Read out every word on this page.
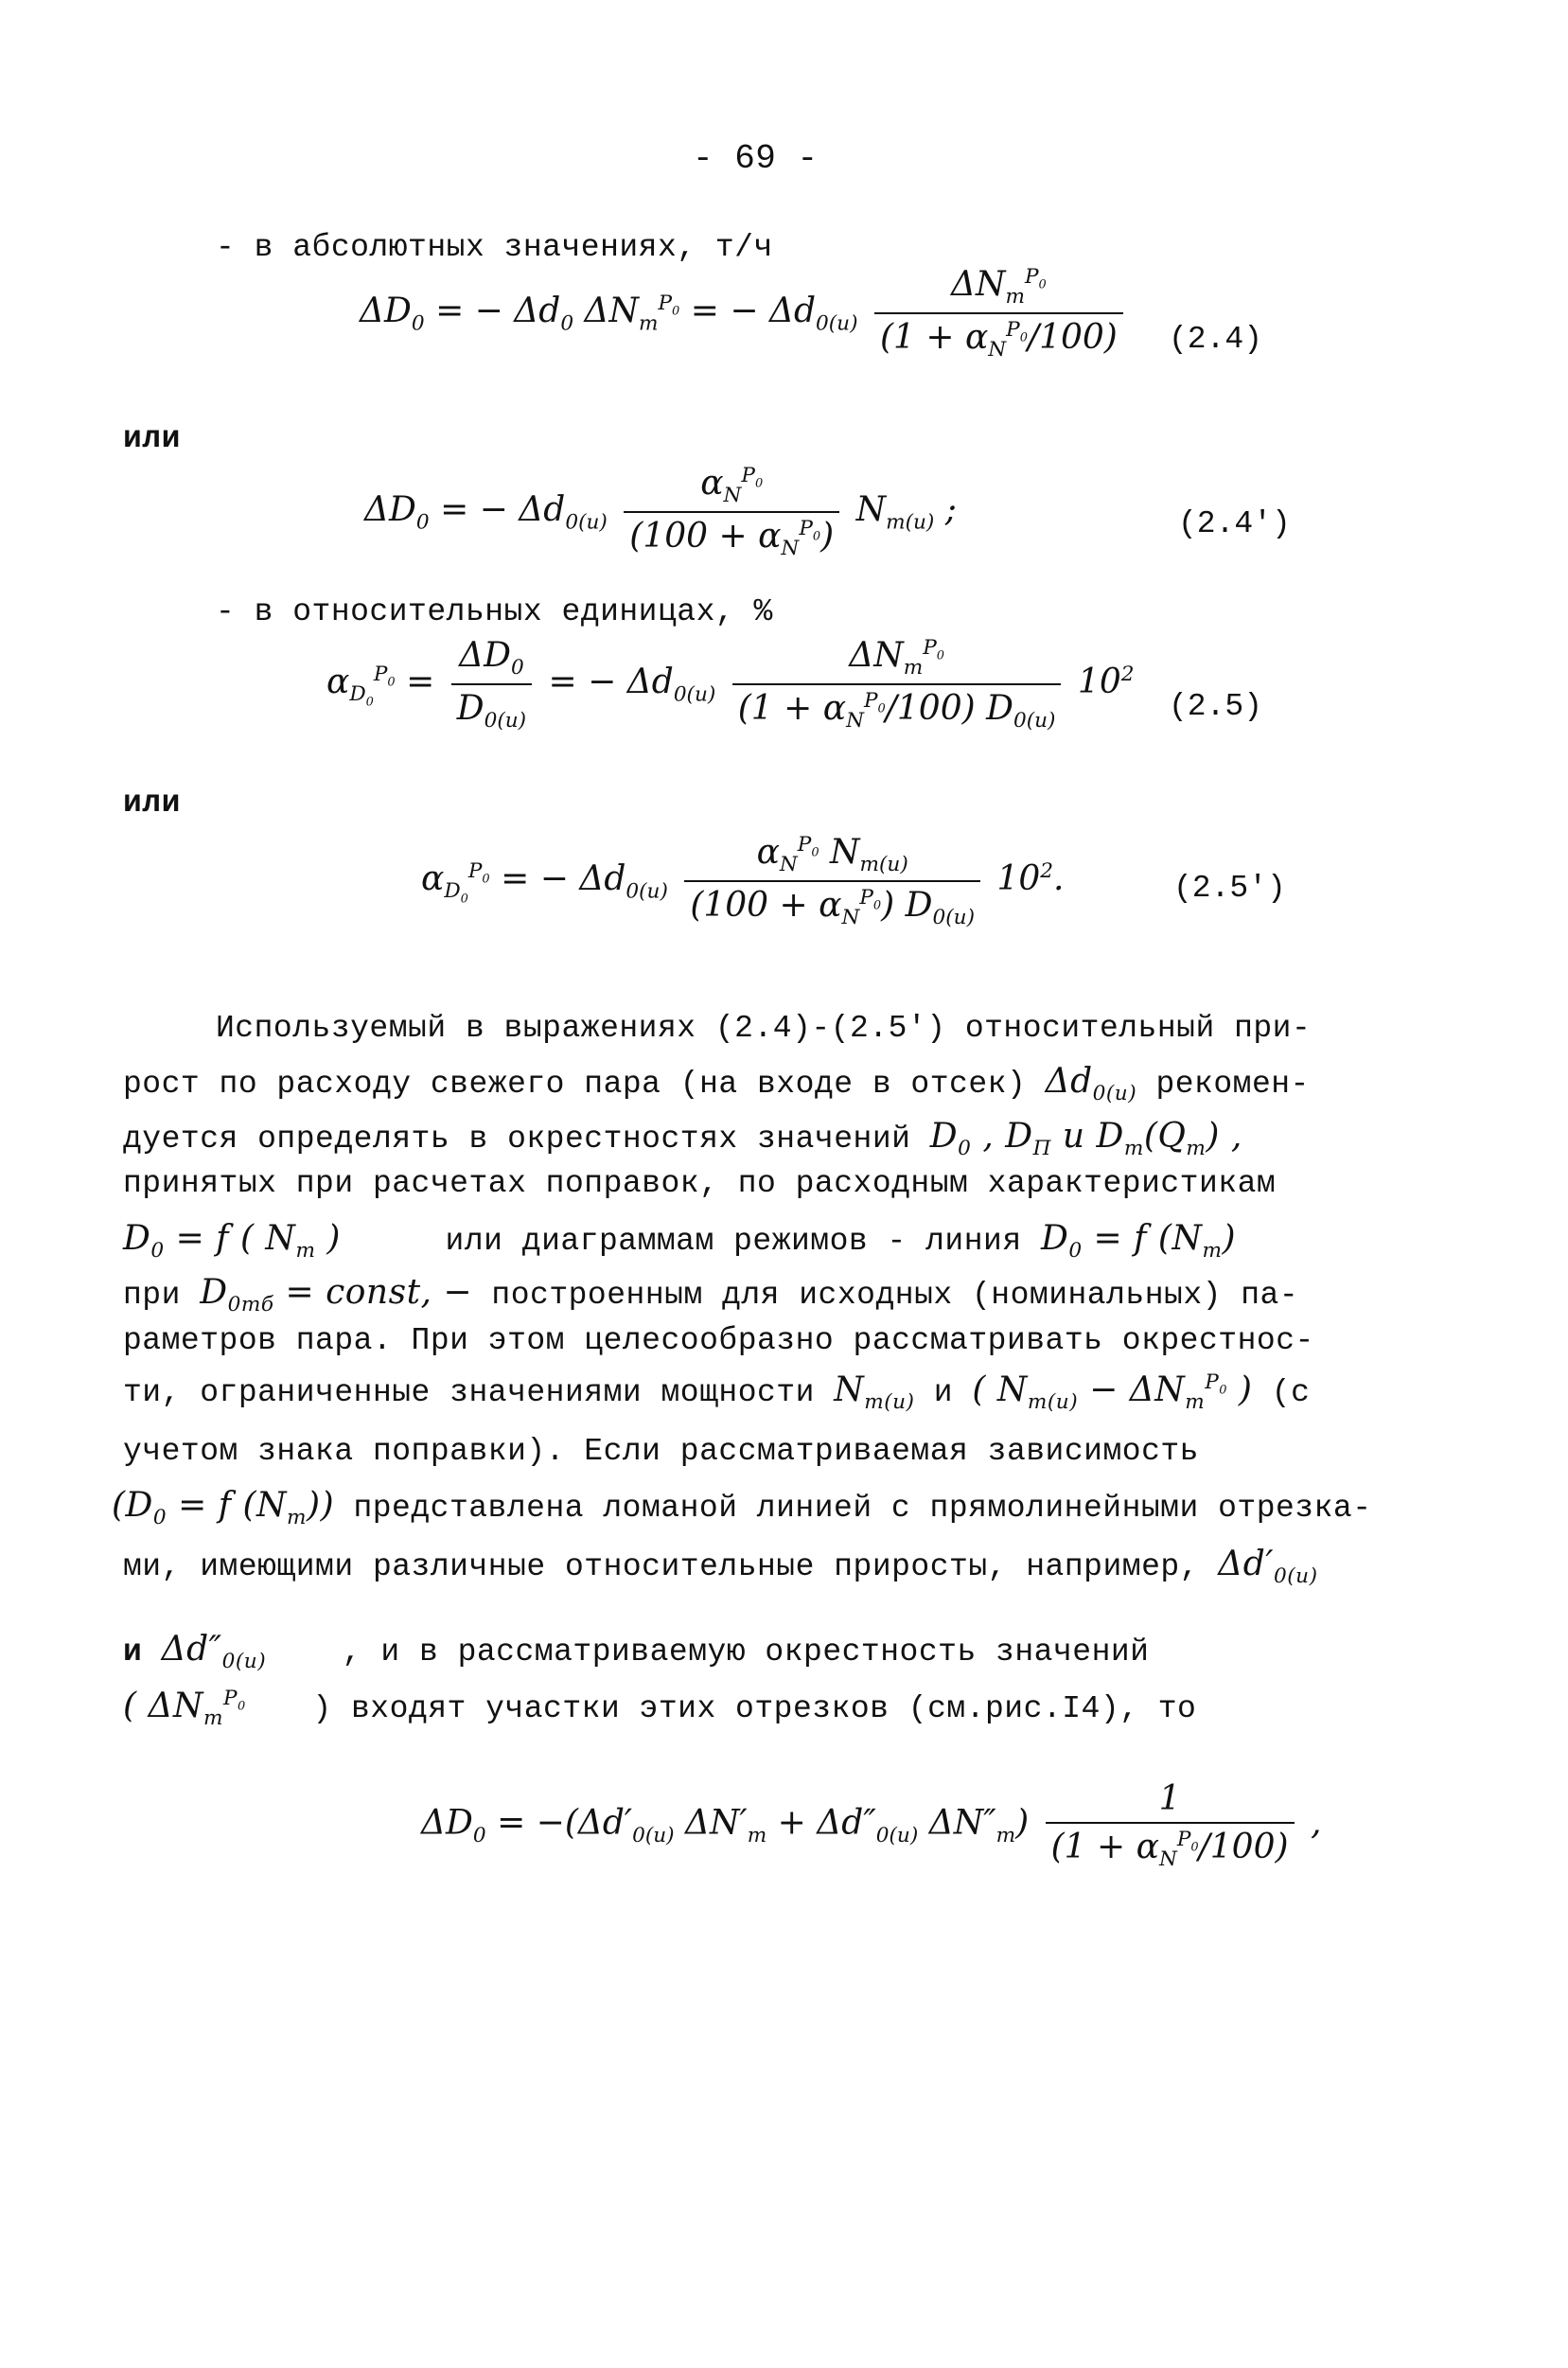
- 69 -
- в абсолютных значениях, т/ч
$\Delta D_0$ = − $\Delta d_0$ $\Delta N_т^{P_0}$ = − $\Delta d_{0(и)} \frac{\Delta N_т^{P_0}}{(1 + \alpha_N^{P_0}/100)} (2.4)$
или
$\Delta D_0$ = − $\Delta d_{0(и)} \frac{\alpha_N^{P_0}}{(100 + \alpha_N^{P_0})} N_{т(и)}$ ;	(2.4')
- в относительных единицах, %
$\alpha_{D_0}^{P_0} = \frac{\Delta D_0}{D_{0(и)}}$ = − $\Delta d_{0(и)} \frac{\Delta N_т^{P_0}}{(1 + \alpha_N^{P_0}/100) D_{0(и)}} 10^2$
(2.5)
или
$\alpha_{D_0}^{P_0}$ = − $\Delta d_{0(и)} \frac{\alpha_N^{P_0} N_{т(и)}}{(100 + \alpha_N^{P_0}) D_{0(и)}} 10^2$.	(2.5')
Используемый в выражениях (2.4)-(2.5') относительный при-
рост по расходу свежего пара (на входе в отсек) $\Delta d_{0(и)}$ рекомен-
дуется определять в окрестностях значений $D_0$ , $D_П$ и $D_т(Q_т)$ ,
принятых при расчетах поправок, по расходным характеристикам
$D_0 = f$ ( $N_т$ )	или диаграммам режимов - линия $D_0 = f$ $(N_т)$
при $D_{0тб}$ = const, − построенным для исходных (номинальных) па-
раметров пара. При этом целесообразно рассматривать окрестнос-
ти, ограниченные значениями мощности $N_{т(и)}$ и ( $N_{т(и)} - \Delta N_т^{P_0}$ ) (с
учетом знака поправки). Если рассматриваемая зависимость
($D_0 = f$ $(N_т)$) представлена ломаной линией с прямолинейными отрезка-
ми, имеющими различные относительные приросты, например, $\Delta d'_{0(и)}$
и $\Delta d''_{0(и)}$ , и в рассматриваемую окрестность значений
( $\Delta N_т^{P_0}$ ) входят участки этих отрезков (см.рис.I4), то
$\Delta D_0 = -(\Delta d'_{0(и)}$ $\Delta N'_т + \Delta d''_{0(и)}$ $\Delta N''_т) \frac{1}{(1 + \alpha_N^{P_0}/100)}$ ,
